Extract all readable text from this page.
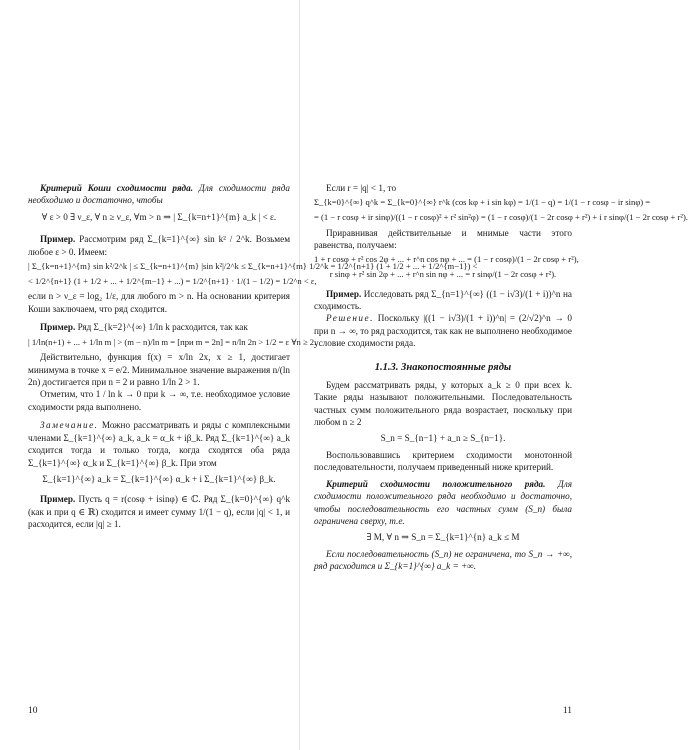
Критерий Коши сходимости ряда. Для сходимости ряда необходимо и достаточно, чтобы

∀ ε > 0 ∃ ν_ε, ∀ n ≥ ν_ε, ∀m > n ⇒ | Σ_{k=n+1}^{m} a_k | < ε.

Пример. Рассмотрим ряд Σ_{k=1}^{∞} sin k² / 2^k. Возьмем любое ε > 0. Имеем:

| Σ_{k=n+1}^{m} sin k²/2^k | ≤ Σ_{k=n+1}^{m} |sin k²|/2^k ≤ Σ_{k=n+1}^{m} 1/2^k = 1/2^{n+1} (1 + 1/2 + ... + 1/2^{m−1}) <

< 1/2^{n+1} (1 + 1/2 + ... + 1/2^{m−1} + ...) = 1/2^{n+1} · 1/(1 − 1/2) = 1/2^n < ε,

если n > ν_ε = log₂ 1/ε, для любого m > n. На основании критерия Коши заключаем, что ряд сходится.

Пример. Ряд Σ_{k=2}^{∞} 1/ln k расходится, так как

| 1/ln(n+1) + ... + 1/ln m | > (m − n)/ln m = [при m = 2n] = n/ln 2n > 1/2 = ε ∀n ≥ 2.

Действительно, функция f(x) = x/ln 2x, x ≥ 1, достигает минимума в точке x = e/2. Минимальное значение выражения n/(ln 2n) достигается при n = 2 и равно 1/ln 2 > 1.

Отметим, что 1 / ln k → 0 при k → ∞, т.е. необходимое условие сходимости ряда выполнено.

Замечание. Можно рассматривать и ряды с комплексными членами Σ_{k=1}^{∞} a_k, a_k = α_k + iβ_k. Ряд Σ_{k=1}^{∞} a_k сходится тогда и только тогда, когда сходятся оба ряда Σ_{k=1}^{∞} α_k и Σ_{k=1}^{∞} β_k. При этом

Σ_{k=1}^{∞} a_k = Σ_{k=1}^{∞} α_k + i Σ_{k=1}^{∞} β_k.

Пример. Пусть q = r(cosφ + isinφ) ∈ ℂ. Ряд Σ_{k=0}^{∞} q^k (как и при q ∈ ℝ) сходится и имеет сумму 1/(1 − q), если |q| < 1, и расходится, если |q| ≥ 1.

10

Если r = |q| < 1, то

Σ_{k=0}^{∞} q^k = Σ_{k=0}^{∞} r^k (cos kφ + i sin kφ) = 1/(1 − q) = 1/(1 − r cosφ − ir sinφ) =

= (1 − r cosφ + ir sinφ)/((1 − r cosφ)² + r² sin²φ) = (1 − r cosφ)/(1 − 2r cosφ + r²) + i r sinφ/(1 − 2r cosφ + r²).

Приравнивая действительные и мнимые части этого равенства, получаем:

1 + r cosφ + r² cos 2φ + ... + r^n cos nφ + ... = (1 − r cosφ)/(1 − 2r cosφ + r²),

r sinφ + r² sin 2φ + ... + r^n sin nφ + ... = r sinφ/(1 − 2r cosφ + r²).

Пример. Исследовать ряд Σ_{n=1}^{∞} ((1 − i√3)/(1 + i))^n на сходимость.

Решение. Поскольку |((1 − i√3)/(1 + i))^n| = (2/√2)^n → 0 при n → ∞, то ряд расходится, так как не выполнено необходимое условие сходимости ряда.

1.1.3. Знакопостоянные ряды

Будем рассматривать ряды, у которых a_k ≥ 0 при всех k. Такие ряды называют положительными. Последовательность частных сумм положительного ряда возрастает, поскольку при любом n ≥ 2

S_n = S_{n−1} + a_n ≥ S_{n−1}.

Воспользовавшись критерием сходимости монотонной последовательности, получаем приведенный ниже критерий.

Критерий сходимости положительного ряда. Для сходимости положительного ряда необходимо и достаточно, чтобы последовательность его частных сумм (S_n) была ограничена сверху, т.е.

∃ M, ∀ n ⇒ S_n = Σ_{k=1}^{n} a_k ≤ M

Если последовательность (S_n) не ограничена, то S_n → +∞, ряд расходится и Σ_{k=1}^{∞} a_k = +∞.

11
